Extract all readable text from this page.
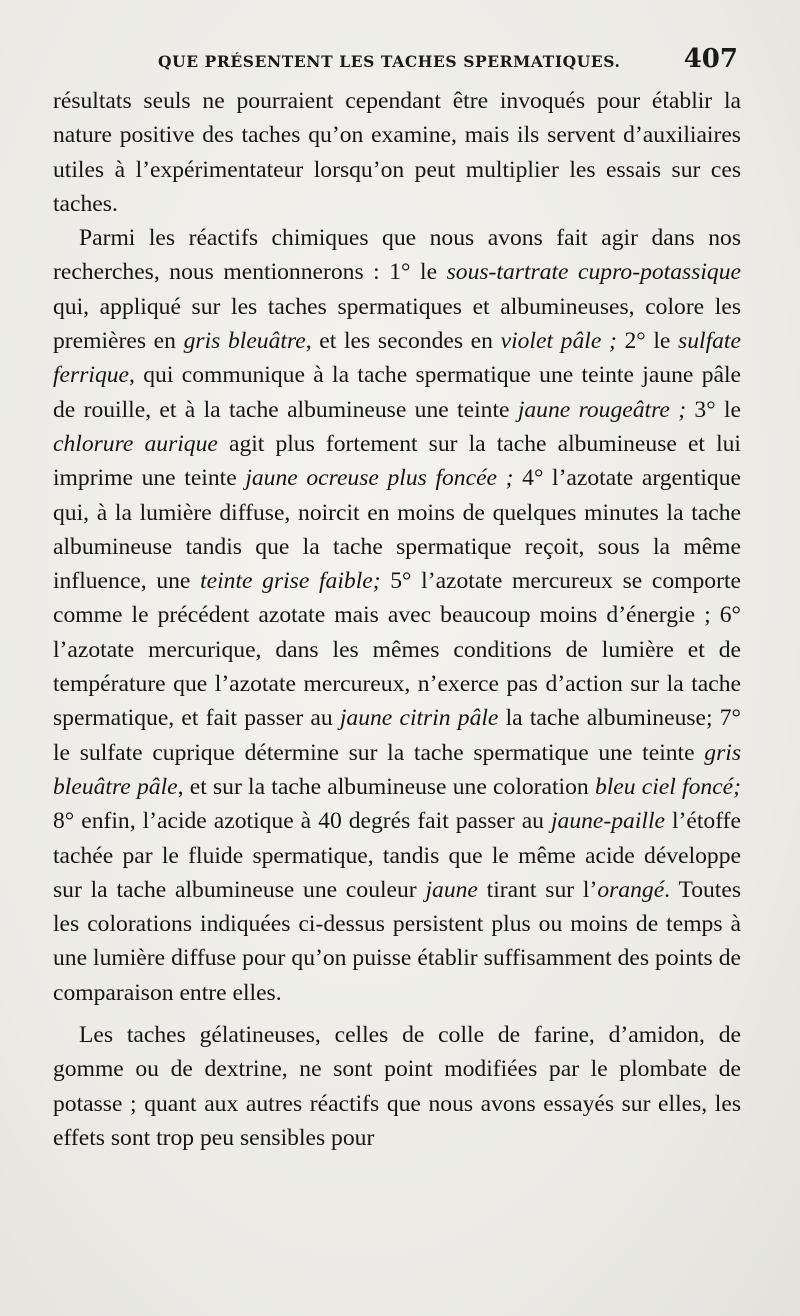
QUE PRÉSENTENT LES TACHES SPERMATIQUES. 407

résultats seuls ne pourraient cependant être invoqués pour établir la nature positive des taches qu’on examine, mais ils servent d’auxiliaires utiles à l’expérimentateur lorsqu’on peut multiplier les essais sur ces taches.

Parmi les réactifs chimiques que nous avons fait agir dans nos recherches, nous mentionnerons : 1° le sous-tartrate cupro-potassique qui, appliqué sur les taches spermatiques et albumineuses, colore les premières en gris bleuâtre, et les secondes en violet pâle ; 2° le sulfate ferrique, qui communique à la tache spermatique une teinte jaune pâle de rouille, et à la tache albumineuse une teinte jaune rougeâtre ; 3° le chlorure aurique agit plus fortement sur la tache albumineuse et lui imprime une teinte jaune ocreuse plus foncée ; 4° l’azotate argentique qui, à la lumière diffuse, noircit en moins de quelques minutes la tache albumineuse tandis que la tache spermatique reçoit, sous la même influence, une teinte grise faible; 5° l’azotate mercureux se comporte comme le précédent azotate mais avec beaucoup moins d’énergie ; 6° l’azotate mercurique, dans les mêmes conditions de lumière et de température que l’azotate mercureux, n’exerce pas d’action sur la tache spermatique, et fait passer au jaune citrin pâle la tache albumineuse; 7° le sulfate cuprique détermine sur la tache spermatique une teinte gris bleuâtre pâle, et sur la tache albumineuse une coloration bleu ciel foncé; 8° enfin, l’acide azotique à 40 degrés fait passer au jaune-paille l’étoffe tachée par le fluide spermatique, tandis que le même acide développe sur la tache albumineuse une couleur jaune tirant sur l’orangé. Toutes les colorations indiquées ci-dessus persistent plus ou moins de temps à une lumière diffuse pour qu’on puisse établir suffisamment des points de comparaison entre elles.

Les taches gélatineuses, celles de colle de farine, d’amidon, de gomme ou de dextrine, ne sont point modifiées par le plombate de potasse ; quant aux autres réactifs que nous avons essayés sur elles, les effets sont trop peu sensibles pour
